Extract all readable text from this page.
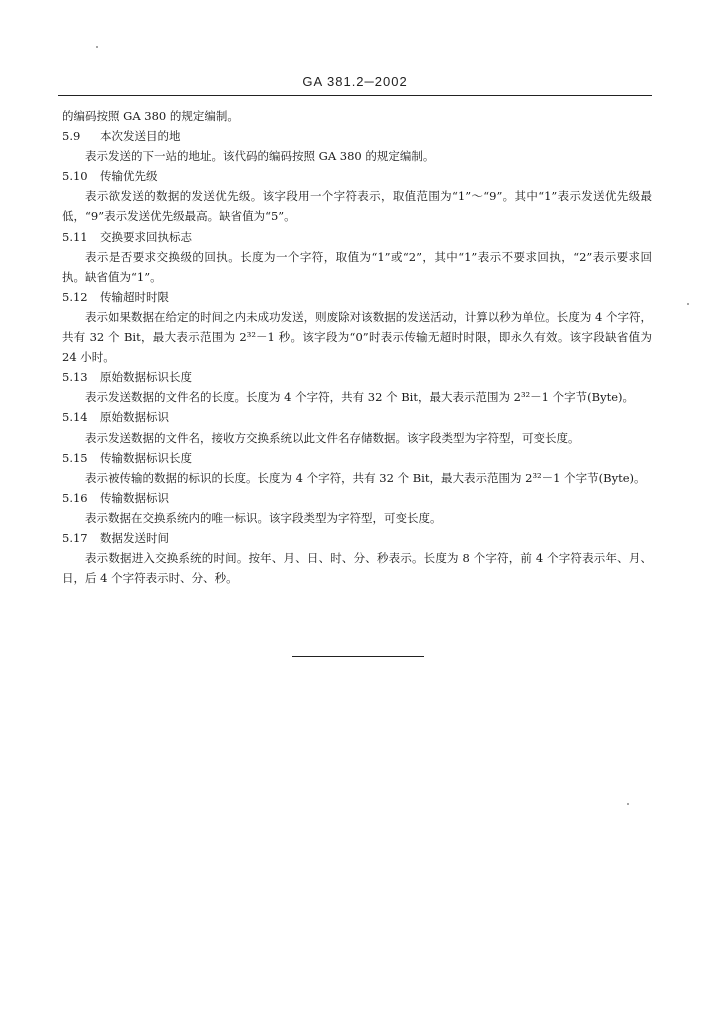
GA 381.2─2002

的编码按照 GA 380 的规定编制。

5.9 本次发送目的地

表示发送的下一站的地址。该代码的编码按照 GA 380 的规定编制。

5.10 传输优先级

表示欲发送的数据的发送优先级。该字段用一个字符表示，取值范围为“1”～“9”。其中“1”表示发送优先级最低，“9”表示发送优先级最高。缺省值为“5”。

5.11 交换要求回执标志

表示是否要求交换级的回执。长度为一个字符，取值为“1”或“2”，其中“1”表示不要求回执，“2”表示要求回执。缺省值为“1”。

5.12 传输超时时限

表示如果数据在给定的时间之内未成功发送，则废除对该数据的发送活动，计算以秒为单位。长度为 4 个字符，共有 32 个 Bit，最大表示范围为 2³²－1 秒。该字段为“0”时表示传输无超时时限，即永久有效。该字段缺省值为 24 小时。

5.13 原始数据标识长度

表示发送数据的文件名的长度。长度为 4 个字符，共有 32 个 Bit，最大表示范围为 2³²－1 个字节(Byte)。

5.14 原始数据标识

表示发送数据的文件名，接收方交换系统以此文件名存储数据。该字段类型为字符型，可变长度。

5.15 传输数据标识长度

表示被传输的数据的标识的长度。长度为 4 个字符，共有 32 个 Bit，最大表示范围为 2³²－1 个字节(Byte)。

5.16 传输数据标识

表示数据在交换系统内的唯一标识。该字段类型为字符型，可变长度。

5.17 数据发送时间

表示数据进入交换系统的时间。按年、月、日、时、分、秒表示。长度为 8 个字符，前 4 个字符表示年、月、日，后 4 个字符表示时、分、秒。
